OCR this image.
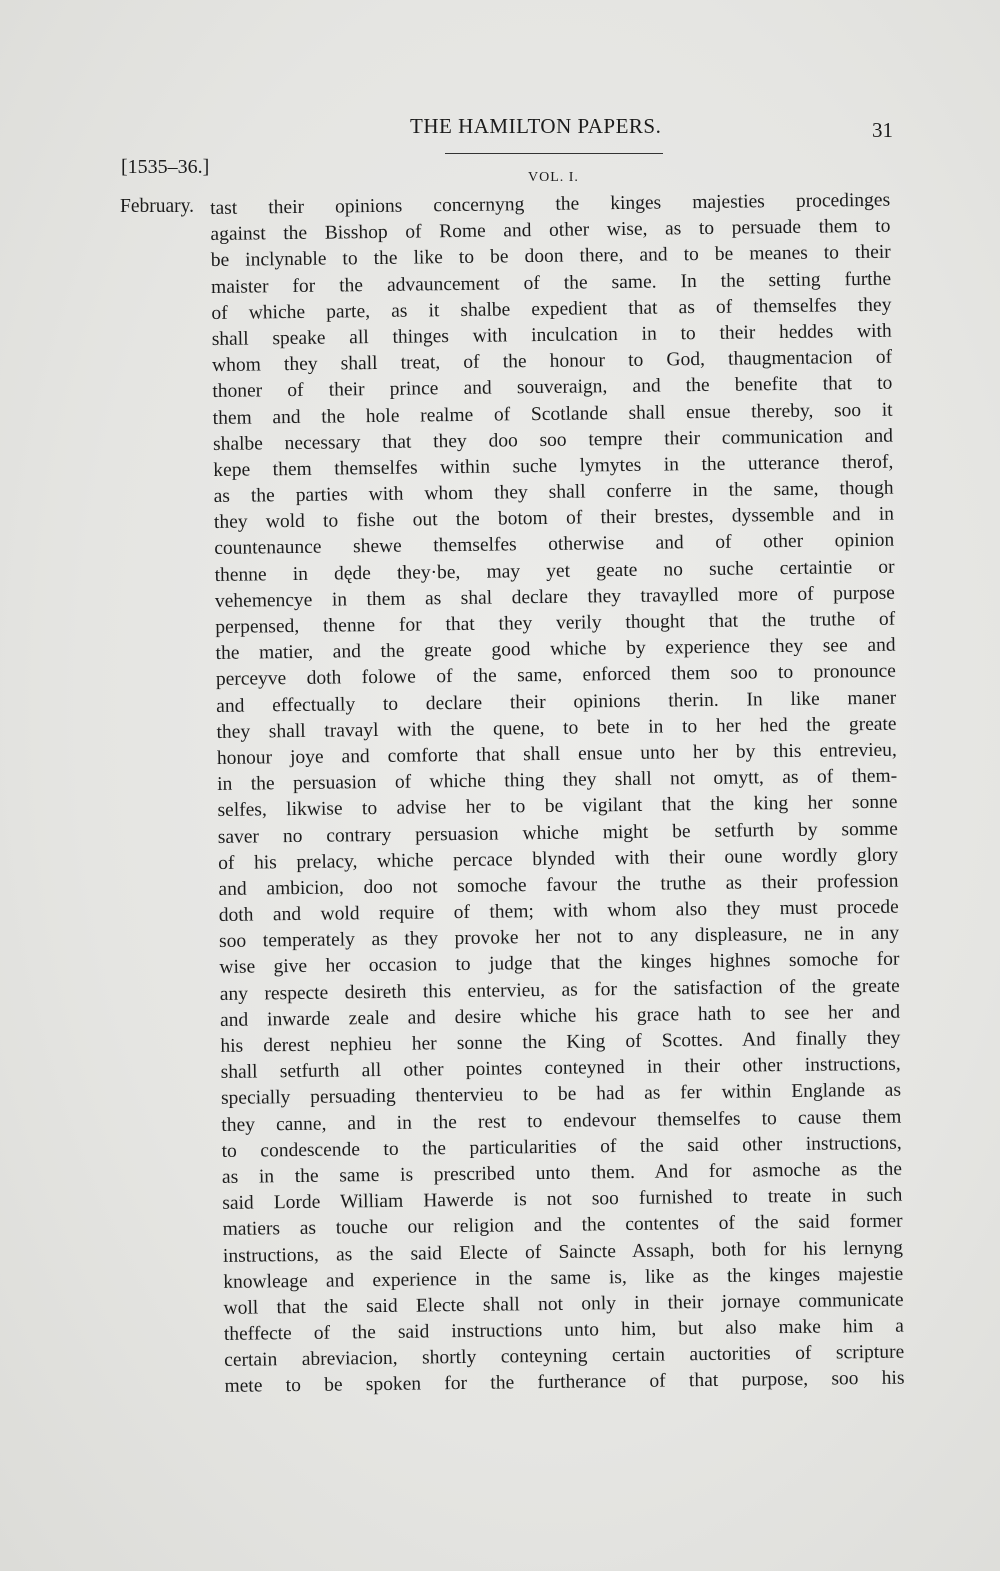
THE HAMILTON PAPERS.	31
[1535–36.]	VOL. I.
February. tast their opinions concernyng the kinges majesties procedinges
against the Bisshop of Rome and other wise, as to persuade them to
be inclynable to the like to be doon there, and to be meanes to their
maister for the advauncement of the same. In the setting furthe
of whiche parte, as it shalbe expedient that as of themselfes they
shall speake all thinges with inculcation in to their heddes with
whom they shall treat, of the honour to God, thaugmentacion of
thoner of their prince and souveraign, and the benefite that to
them and the hole realme of Scotlande shall ensue thereby, soo it
shalbe necessary that they doo soo tempre their communication and
kepe them themselfes within suche lymytes in the utterance therof,
as the parties with whom they shall conferre in the same, though
they wold to fishe out the botom of their brestes, dyssemble and in
countenaunce shewe themselfes otherwise and of other opinion
thenne in dęde they·be, may yet geate no suche certaintie or
vehemencye in them as shal declare they travaylled more of purpose
perpensed, thenne for that they verily thought that the truthe of
the matier, and the greate good whiche by experience they see and
perceyve doth folowe of the same, enforced them soo to pronounce
and effectually to declare their opinions therin. In like maner
they shall travayl with the quene, to bete in to her hed the greate
honour joye and comforte that shall ensue unto her by this entrevieu,
in the persuasion of whiche thing they shall not omytt, as of them-
selfes, likwise to advise her to be vigilant that the king her sonne
saver no contrary persuasion whiche might be setfurth by somme
of his prelacy, whiche percace blynded with their oune wordly glory
and ambicion, doo not somoche favour the truthe as their profession
doth and wold require of them; with whom also they must procede
soo temperately as they provoke her not to any displeasure, ne in any
wise give her occasion to judge that the kinges highnes somoche for
any respecte desireth this entervieu, as for the satisfaction of the greate
and inwarde zeale and desire whiche his grace hath to see her and
his derest nephieu her sonne the King of Scottes. And finally they
shall setfurth all other pointes conteyned in their other instructions,
specially persuading thentervieu to be had as fer within Englande as
they canne, and in the rest to endevour themselfes to cause them
to condescende to the particularities of the said other instructions,
as in the same is prescribed unto them. And for asmoche as the
said Lorde William Hawerde is not soo furnished to treate in such
matiers as touche our religion and the contentes of the said former
instructions, as the said Electe of Saincte Assaph, both for his lernyng
knowleage and experience in the same is, like as the kinges majestie
woll that the said Electe shall not only in their jornaye communicate
theffecte of the said instructions unto him, but also make him a
certain abreviacion, shortly conteyning certain auctorities of scripture
mete to be spoken for the furtherance of that purpose, soo his
